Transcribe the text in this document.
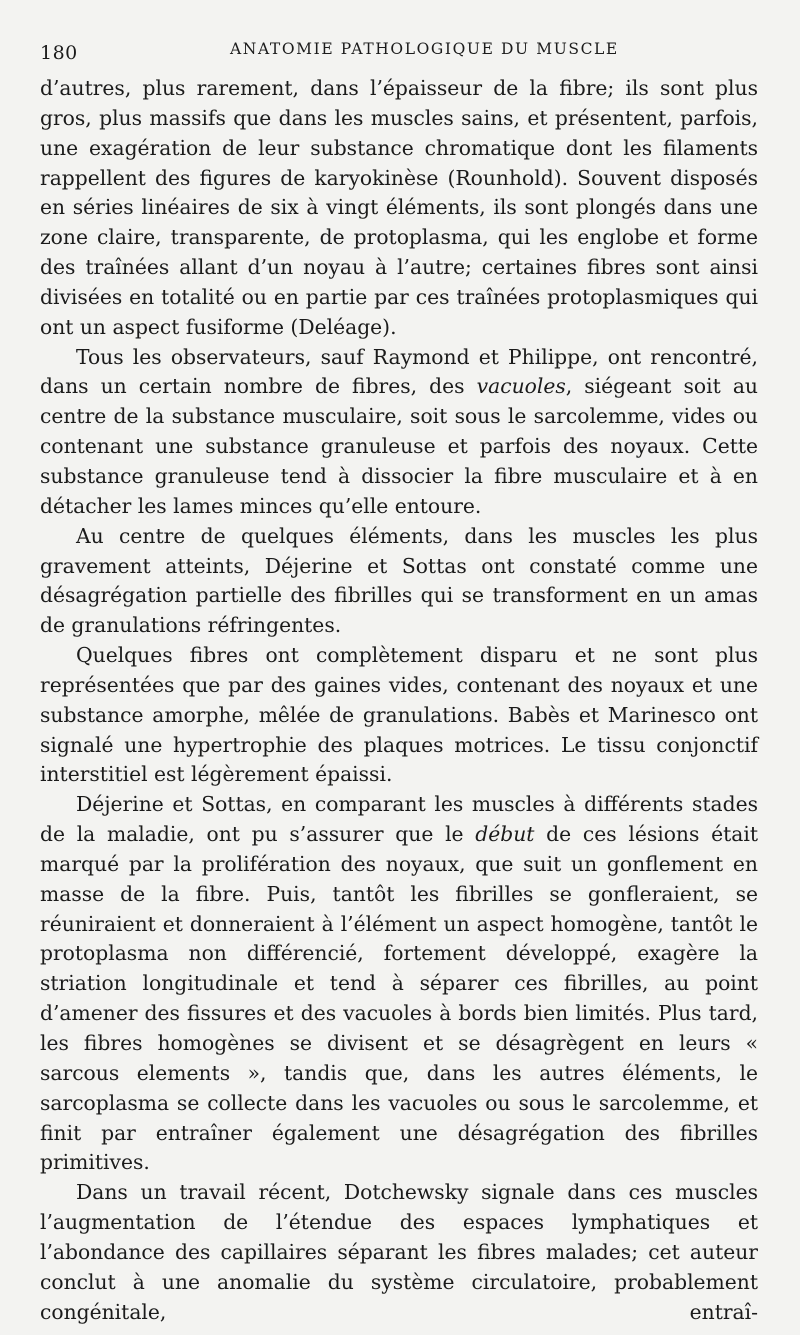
180	ANATOMIE PATHOLOGIQUE DU MUSCLE

d’autres, plus rarement, dans l’épaisseur de la fibre; ils sont plus gros, plus massifs que dans les muscles sains, et présentent, parfois, une exagération de leur substance chromatique dont les filaments rappellent des figures de karyokinèse (Rounhold). Souvent disposés en séries linéaires de six à vingt éléments, ils sont plongés dans une zone claire, transparente, de protoplasma, qui les englobe et forme des traînées allant d’un noyau à l’autre; certaines fibres sont ainsi divisées en totalité ou en partie par ces traînées protoplasmiques qui ont un aspect fusiforme (Deléage).

Tous les observateurs, sauf Raymond et Philippe, ont rencontré, dans un certain nombre de fibres, des vacuoles, siégeant soit au centre de la substance musculaire, soit sous le sarcolemme, vides ou contenant une substance granuleuse et parfois des noyaux. Cette substance granuleuse tend à dissocier la fibre musculaire et à en détacher les lames minces qu’elle entoure.

Au centre de quelques éléments, dans les muscles les plus gravement atteints, Déjerine et Sottas ont constaté comme une désagrégation partielle des fibrilles qui se transforment en un amas de granulations réfringentes.

Quelques fibres ont complètement disparu et ne sont plus représentées que par des gaines vides, contenant des noyaux et une substance amorphe, mêlée de granulations. Babès et Marinesco ont signalé une hypertrophie des plaques motrices. Le tissu conjonctif interstitiel est légèrement épaissi.

Déjerine et Sottas, en comparant les muscles à différents stades de la maladie, ont pu s’assurer que le début de ces lésions était marqué par la prolifération des noyaux, que suit un gonflement en masse de la fibre. Puis, tantôt les fibrilles se gonfleraient, se réuniraient et donneraient à l’élément un aspect homogène, tantôt le protoplasma non différencié, fortement développé, exagère la striation longitudinale et tend à séparer ces fibrilles, au point d’amener des fissures et des vacuoles à bords bien limités. Plus tard, les fibres homogènes se divisent et se désagrègent en leurs « sarcous elements », tandis que, dans les autres éléments, le sarcoplasma se collecte dans les vacuoles ou sous le sarcolemme, et finit par entraîner également une désagrégation des fibrilles primitives.

Dans un travail récent, Dotchewsky signale dans ces muscles l’augmentation de l’étendue des espaces lymphatiques et l’abondance des capillaires séparant les fibres malades; cet auteur conclut à une anomalie du système circulatoire, probablement congénitale, entraî-
